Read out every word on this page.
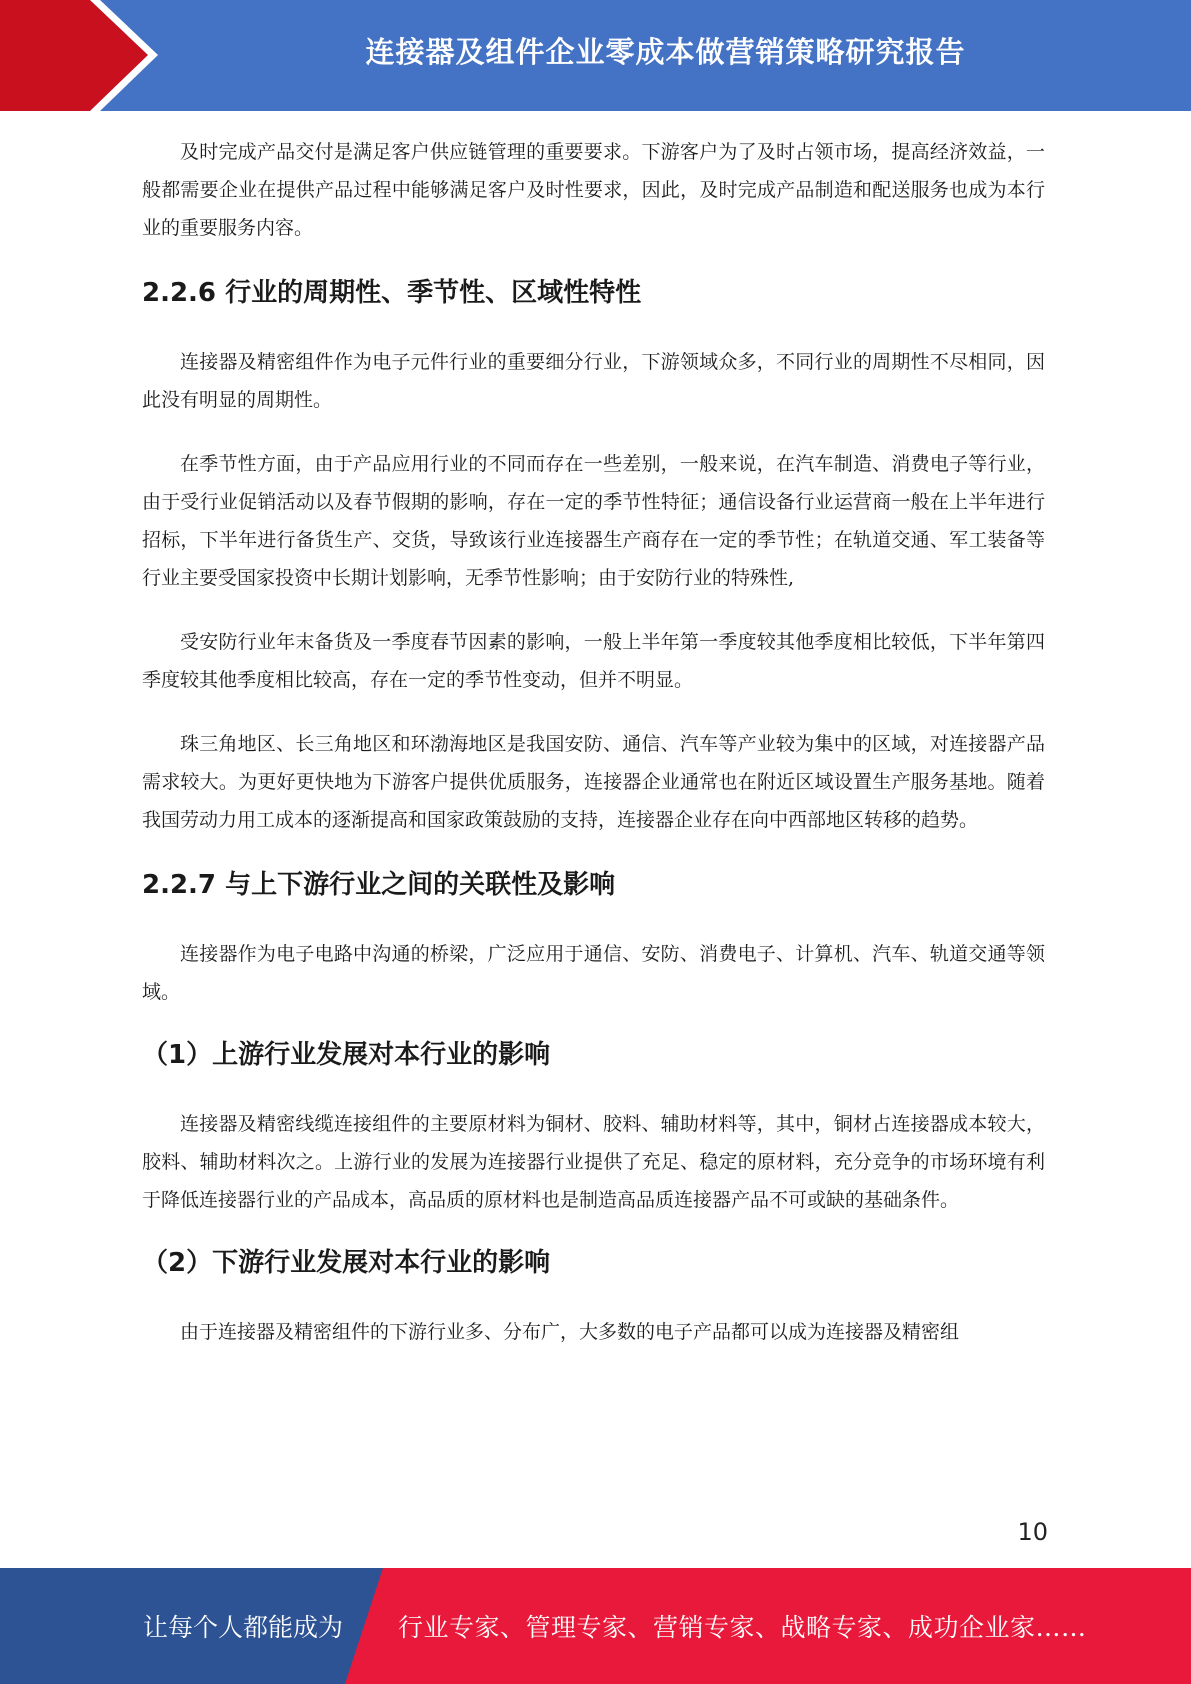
连接器及组件企业零成本做营销策略研究报告

及时完成产品交付是满足客户供应链管理的重要要求。下游客户为了及时占领市场，提高经济效益，一般都需要企业在提供产品过程中能够满足客户及时性要求，因此，及时完成产品制造和配送服务也成为本行业的重要服务内容。

2.2.6 行业的周期性、季节性、区域性特性

连接器及精密组件作为电子元件行业的重要细分行业，下游领域众多，不同行业的周期性不尽相同，因此没有明显的周期性。

在季节性方面，由于产品应用行业的不同而存在一些差别，一般来说，在汽车制造、消费电子等行业，由于受行业促销活动以及春节假期的影响，存在一定的季节性特征；通信设备行业运营商一般在上半年进行招标，下半年进行备货生产、交货，导致该行业连接器生产商存在一定的季节性；在轨道交通、军工装备等行业主要受国家投资中长期计划影响，无季节性影响；由于安防行业的特殊性,

受安防行业年末备货及一季度春节因素的影响，一般上半年第一季度较其他季度相比较低，下半年第四季度较其他季度相比较高，存在一定的季节性变动，但并不明显。

珠三角地区、长三角地区和环渤海地区是我国安防、通信、汽车等产业较为集中的区域，对连接器产品需求较大。为更好更快地为下游客户提供优质服务，连接器企业通常也在附近区域设置生产服务基地。随着我国劳动力用工成本的逐渐提高和国家政策鼓励的支持，连接器企业存在向中西部地区转移的趋势。

2.2.7 与上下游行业之间的关联性及影响

连接器作为电子电路中沟通的桥梁，广泛应用于通信、安防、消费电子、计算机、汽车、轨道交通等领域。

（1）上游行业发展对本行业的影响

连接器及精密线缆连接组件的主要原材料为铜材、胶料、辅助材料等，其中，铜材占连接器成本较大，胶料、辅助材料次之。上游行业的发展为连接器行业提供了充足、稳定的原材料，充分竞争的市场环境有利于降低连接器行业的产品成本，高品质的原材料也是制造高品质连接器产品不可或缺的基础条件。

（2）下游行业发展对本行业的影响

由于连接器及精密组件的下游行业多、分布广，大多数的电子产品都可以成为连接器及精密组

10
让每个人都能成为 行业专家、管理专家、营销专家、战略专家、成功企业家……
